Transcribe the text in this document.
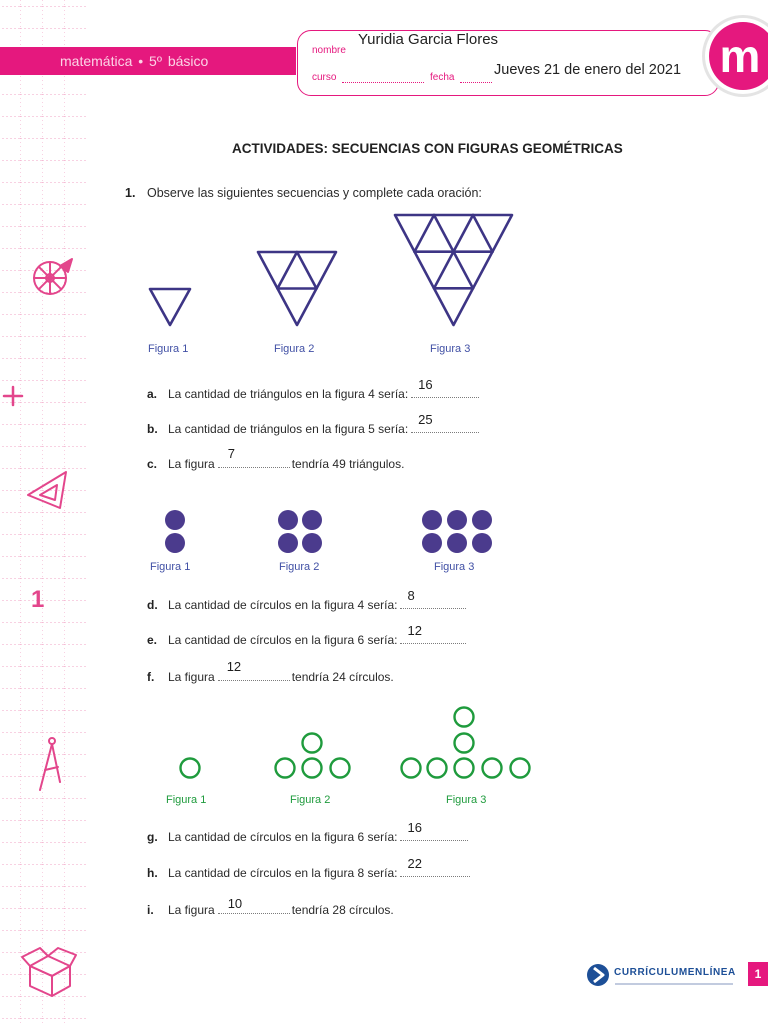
1
matemática • 5º básico
nombre
Yuridia Garcia Flores
curso	fecha	Jueves 21 de enero del 2021 m
ACTIVIDADES: SECUENCIAS CON FIGURAS GEOMÉTRICAS
1. Observe las siguientes secuencias y complete cada oración:
Figura 1	Figura 2	Figura 3
Figura 1	Figura 2	Figura 3
Figura 1	Figura 2	Figura 3
a. La cantidad de triángulos en la figura 4 sería:
16
b. La cantidad de triángulos en la figura 5 sería:
25
c. La figura
7
tendría 49 triángulos.
d. La cantidad de círculos en la figura 4 sería:
8
e. La cantidad de círculos en la figura 6 sería:
12
f. La figura
12
tendría 24 círculos.
g. La cantidad de círculos en la figura 6 sería:
16
h. La cantidad de círculos en la figura 8 sería:
22
i. La figura 10	tendría 28 círculos.
CURRÍCULUMENLÍNEA	1
